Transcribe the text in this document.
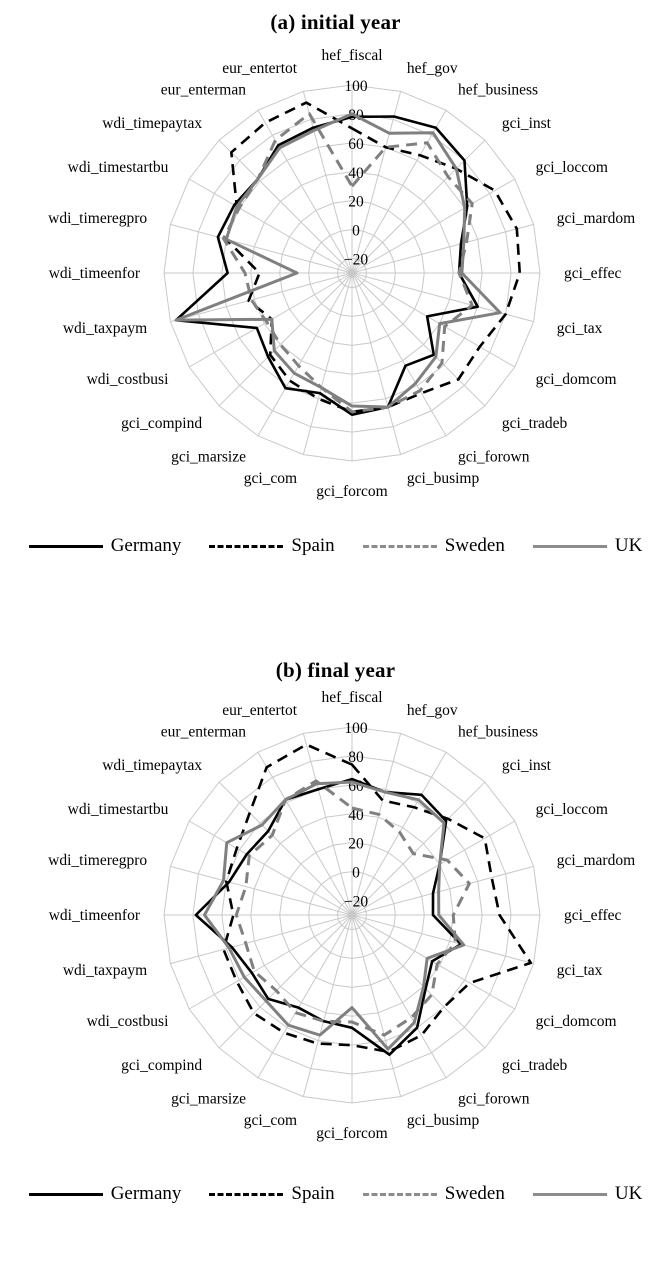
(a) initial year
−20
0
20
40
60
80
100
hef_fiscal
hef_gov
hef_business
gci_inst
gci_loccom
gci_mardom
gci_effec
gci_tax
gci_domcom
gci_tradeb
gci_forown
gci_busimp
gci_forcom
gci_com
gci_marsize
gci_compind
wdi_costbusi
wdi_taxpaym
wdi_timeenfor
wdi_timeregpro
wdi_timestartbu
wdi_timepaytax
eur_enterman
eur_entertot
Germany	Spain	Sweden	UK
(b) final year
−20
0
20
40
60
80
100
hef_fiscal
hef_gov
hef_business
gci_inst
gci_loccom
gci_mardom
gci_effec
gci_tax
gci_domcom
gci_tradeb
gci_forown
gci_busimp
gci_forcom
gci_com
gci_marsize
gci_compind
wdi_costbusi
wdi_taxpaym
wdi_timeenfor
wdi_timeregpro
wdi_timestartbu
wdi_timepaytax
eur_enterman
eur_entertot
Germany	Spain	Sweden	UK
